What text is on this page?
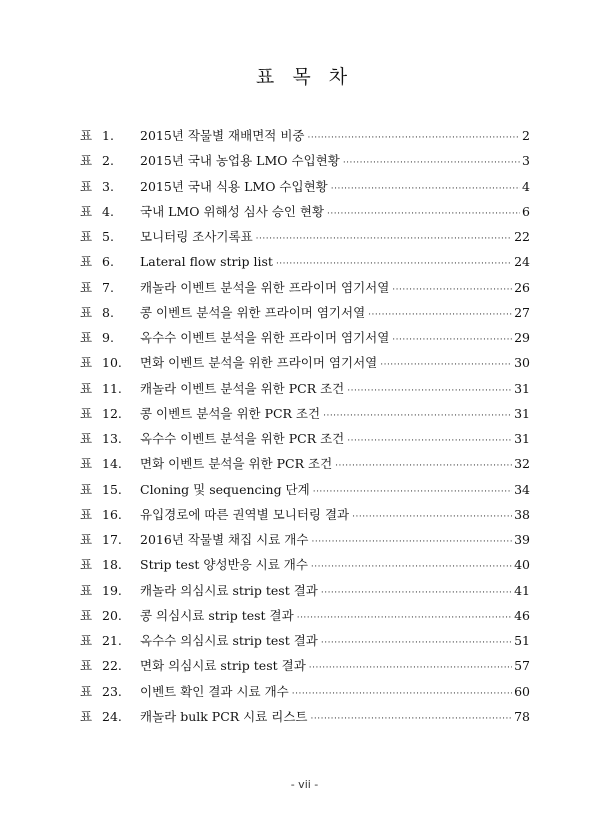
표 목 차
표 1.	2015년 작물별 재배면적 비중 ·····	2
표 2.	2015년 국내 농업용 LMO 수입현황 ·····	3
표 3.	2015년 국내 식용 LMO 수입현황 ·····	4
표 4.	국내 LMO 위해성 심사 승인 현황 ·····	6
표 5.	모니터링 조사기록표 ·····	22
표 6.	Lateral flow strip list ·····	24
표 7.	캐놀라 이벤트 분석을 위한 프라이머 염기서열 ·····	26
표 8.	콩 이벤트 분석을 위한 프라이머 염기서열 ·····	27
표 9.	옥수수 이벤트 분석을 위한 프라이머 염기서열 ·····	29
표 10.	면화 이벤트 분석을 위한 프라이머 염기서열 ·····	30
표 11.	캐놀라 이벤트 분석을 위한 PCR 조건 ·····	31
표 12.	콩 이벤트 분석을 위한 PCR 조건 ·····	31
표 13.	옥수수 이벤트 분석을 위한 PCR 조건 ·····	31
표 14.	면화 이벤트 분석을 위한 PCR 조건 ·····	32
표 15.	Cloning 및 sequencing 단계 ·····	34
표 16.	유입경로에 따른 권역별 모니터링 결과 ·····	38
표 17.	2016년 작물별 채집 시료 개수 ·····	39
표 18.	Strip test 양성반응 시료 개수 ·····	40
표 19.	캐놀라 의심시료 strip test 결과 ·····	41
표 20.	콩 의심시료 strip test 결과 ·····	46
표 21.	옥수수 의심시료 strip test 결과 ·····	51
표 22.	면화 의심시료 strip test 결과 ·····	57
표 23.	이벤트 확인 결과 시료 개수 ·····	60
표 24.	캐놀라 bulk PCR 시료 리스트 ·····	78
- vii -
